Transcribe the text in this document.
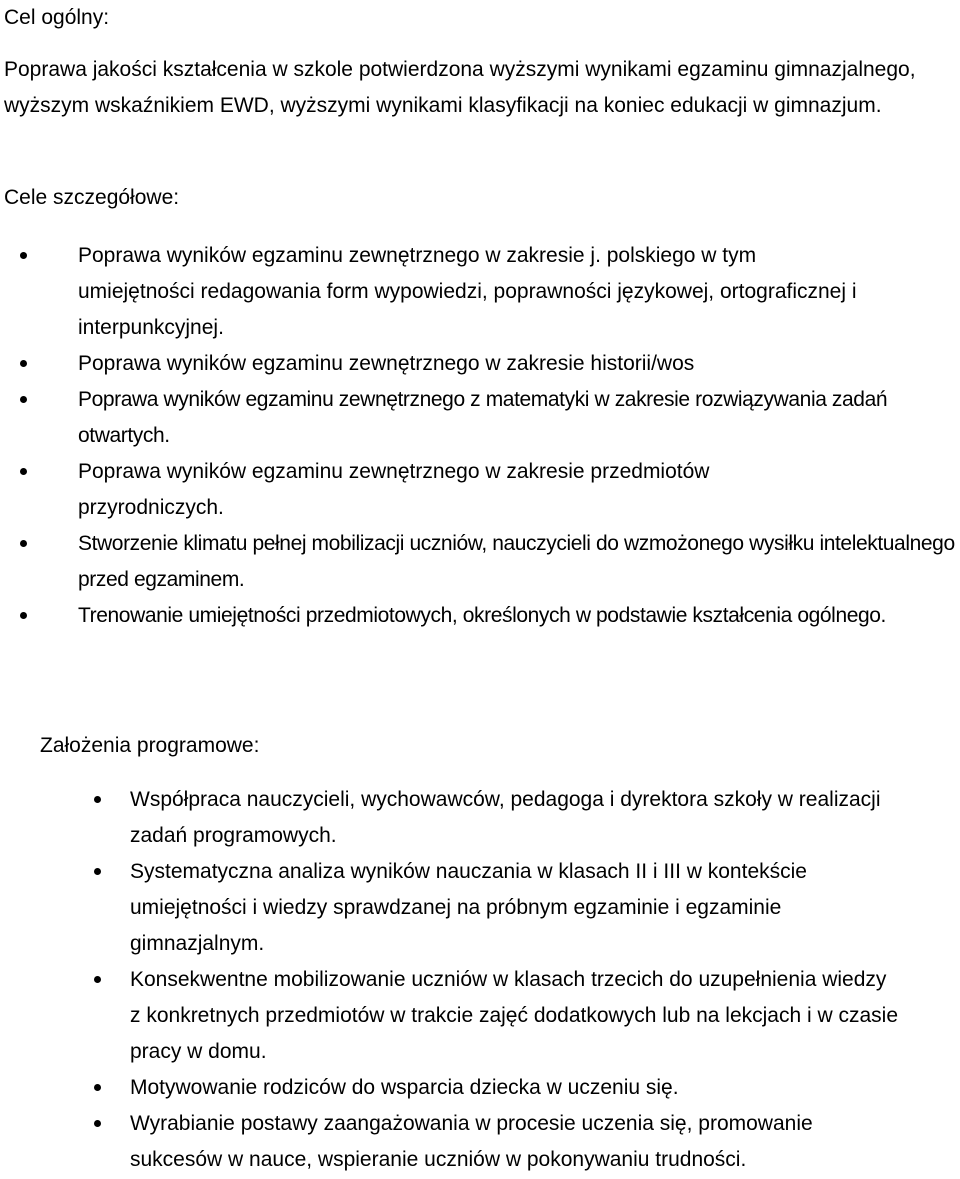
Cel ogólny:
Poprawa jakości kształcenia w szkole potwierdzona wyższymi wynikami egzaminu gimnazjalnego, wyższym wskaźnikiem EWD, wyższymi wynikami klasyfikacji na koniec edukacji w gimnazjum.
Cele szczegółowe:
Poprawa wyników egzaminu zewnętrznego w zakresie j. polskiego w tym umiejętności redagowania form wypowiedzi, poprawności językowej, ortograficznej i interpunkcyjnej.
Poprawa wyników egzaminu zewnętrznego w zakresie historii/wos
Poprawa wyników egzaminu zewnętrznego z matematyki w zakresie rozwiązywania zadań otwartych.
Poprawa wyników egzaminu zewnętrznego w zakresie przedmiotów przyrodniczych.
Stworzenie klimatu pełnej mobilizacji uczniów, nauczycieli do wzmożonego wysiłku intelektualnego przed egzaminem.
Trenowanie umiejętności przedmiotowych, określonych w podstawie kształcenia ogólnego.
Założenia programowe:
Współpraca nauczycieli, wychowawców, pedagoga i dyrektora szkoły w realizacji zadań programowych.
Systematyczna analiza wyników nauczania w klasach II i III w kontekście umiejętności i wiedzy sprawdzanej na próbnym egzaminie i egzaminie gimnazjalnym.
Konsekwentne mobilizowanie uczniów w klasach trzecich do uzupełnienia wiedzy z konkretnych przedmiotów w trakcie zajęć dodatkowych lub na lekcjach i w czasie pracy w domu.
Motywowanie rodziców do wsparcia dziecka w uczeniu się.
Wyrabianie postawy zaangażowania w procesie uczenia się, promowanie sukcesów w nauce, wspieranie uczniów w pokonywaniu trudności.
